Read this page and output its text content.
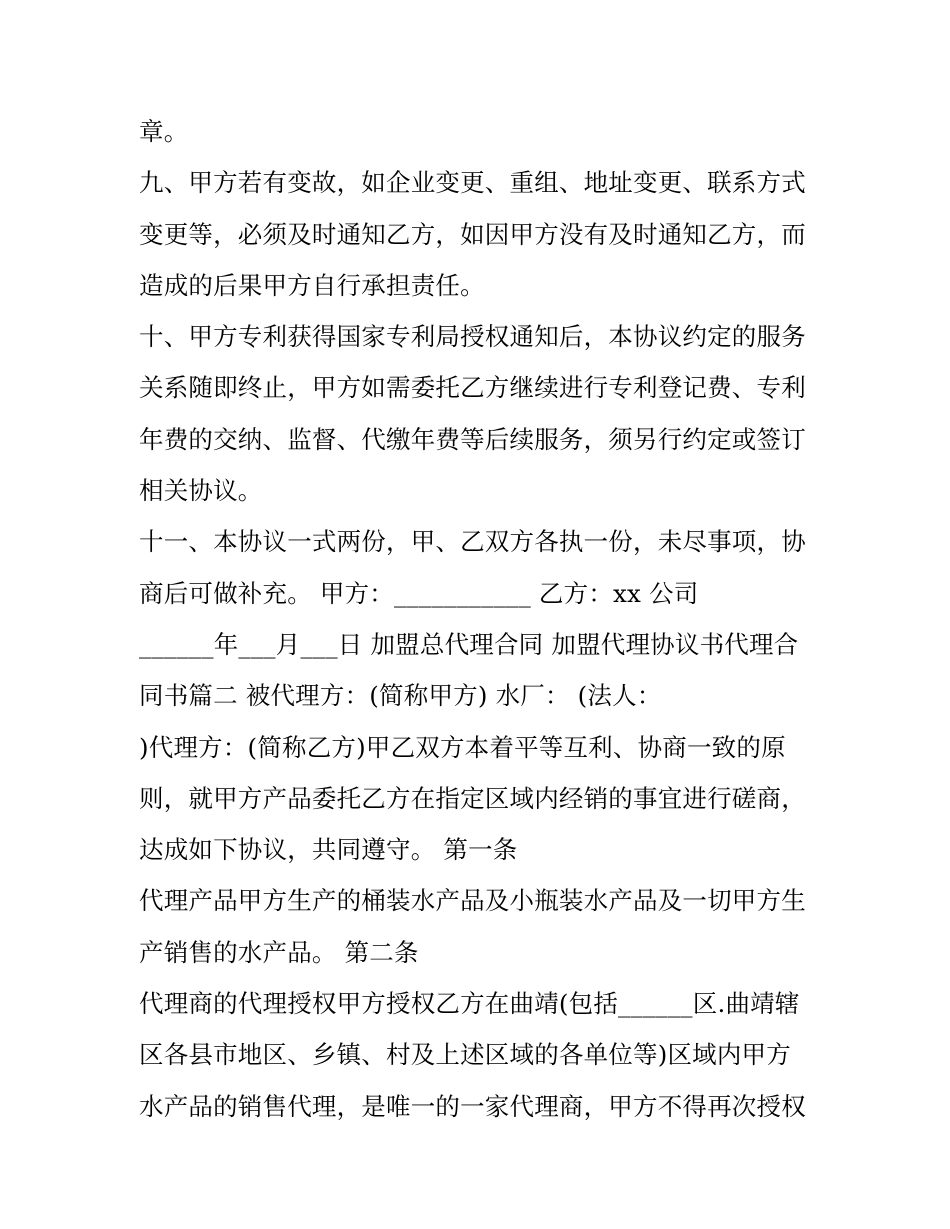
章。
九、甲方若有变故，如企业变更、重组、地址变更、联系方式
变更等，必须及时通知乙方，如因甲方没有及时通知乙方，而
造成的后果甲方自行承担责任。
十、甲方专利获得国家专利局授权通知后，本协议约定的服务
关系随即终止，甲方如需委托乙方继续进行专利登记费、专利
年费的交纳、监督、代缴年费等后续服务，须另行约定或签订
相关协议。
十一、本协议一式两份，甲、乙双方各执一份，未尽事项，协
商后可做补充。 甲方：___________ 乙方：xx 公司
______年___月___日 加盟总代理合同 加盟代理协议书代理合
同书篇二 被代理方：(简称甲方) 水厂： (法人：
)代理方：(简称乙方)甲乙双方本着平等互利、协商一致的原
则，就甲方产品委托乙方在指定区域内经销的事宜进行磋商，
达成如下协议，共同遵守。 第一条
代理产品甲方生产的桶装水产品及小瓶装水产品及一切甲方生
产销售的水产品。 第二条
代理商的代理授权甲方授权乙方在曲靖(包括______区.曲靖辖
区各县市地区、乡镇、村及上述区域的各单位等)区域内甲方
水产品的销售代理，是唯一的一家代理商，甲方不得再次授权
